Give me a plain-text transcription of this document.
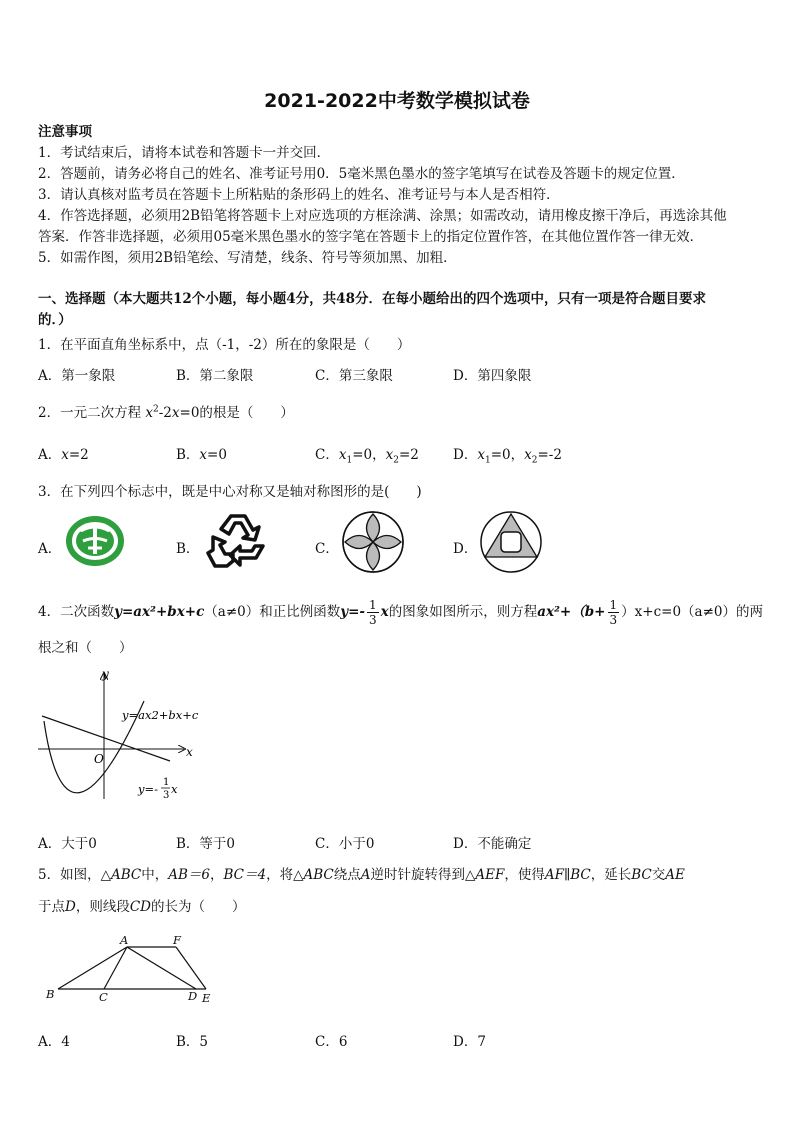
2021-2022中考数学模拟试卷
注意事项
1．考试结束后，请将本试卷和答题卡一并交回．
2．答题前，请务必将自己的姓名、准考证号用0．5毫米黑色墨水的签字笔填写在试卷及答题卡的规定位置．
3．请认真核对监考员在答题卡上所粘贴的条形码上的姓名、准考证号与本人是否相符．
4．作答选择题，必须用2B铅笔将答题卡上对应选项的方框涂满、涂黑；如需改动，请用橡皮擦干净后，再选涂其他
答案．作答非选择题，必须用05毫米黑色墨水的签字笔在答题卡上的指定位置作答，在其他位置作答一律无效．
5．如需作图，须用2B铅笔绘、写清楚，线条、符号等须加黑、加粗．
一、选择题（本大题共12个小题，每小题4分，共48分．在每小题给出的四个选项中，只有一项是符合题目要求
的．）
1．在平面直角坐标系中，点（-1，-2）所在的象限是（　　）
A．第一象限	B．第二象限	C．第三象限	D．第四象限
2．一元二次方程 $x^2-2x=0$的根是（　　）
A．x=2	B．x=0	C．$x_1=0$，$x_2=2$	D．$x_1=0$，$x_2=-2$
3．在下列四个标志中，既是中心对称又是轴对称图形的是(　　)
A．	B．	C．	D．
4．二次函数y=ax²+bx+c（a≠0）和正比例函数$y=- \frac{1}{3}$ x的图象如图所示，则方程$ax^2+(b+ \frac{1}{3} )x+c=0(a\ne 0)$的两
根之和（　　）
x
y
O
y=ax2+bx+c
y=- 1
3 x
A．大于0	B．等于0	C．小于0	D．不能确定
5．如图，△ABC中，AB＝6，BC＝4，将△ABC绕点A逆时针旋转得到△AEF，使得AF∥BC，延长BC交AE
于点D，则线段CD的长为（　　）
A	F
B	C	D E
A．4	B．5	C．6	D．7
